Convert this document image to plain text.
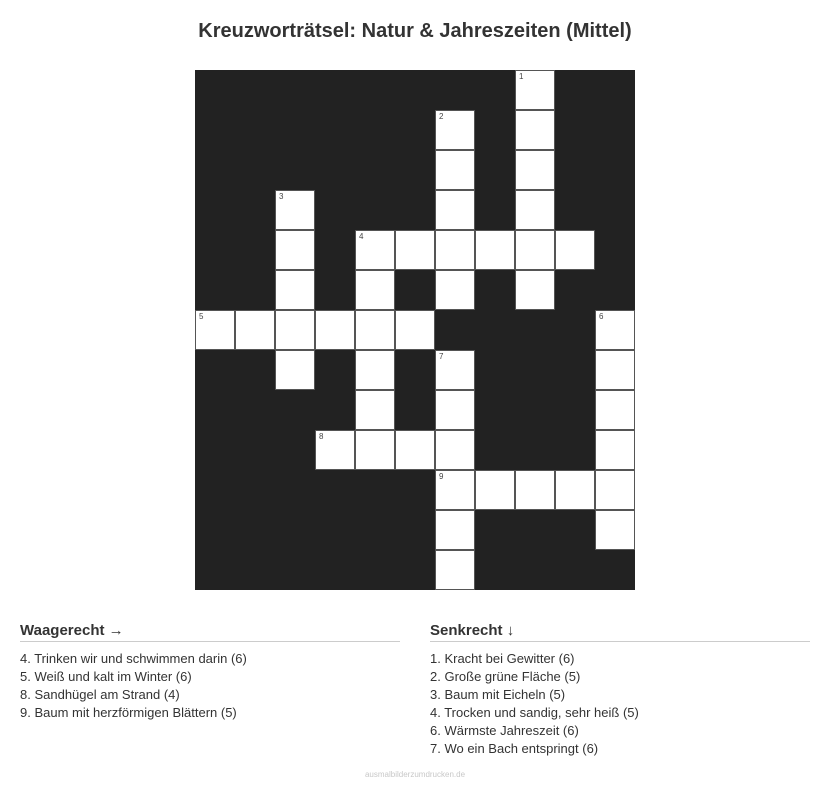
Kreuzworträtsel: Natur & Jahreszeiten (Mittel)
1
2
3
4
5	6
7
8
9
Waagerecht →
4. Trinken wir und schwimmen darin (6)
5. Weiß und kalt im Winter (6)
8. Sandhügel am Strand (4)
9. Baum mit herzförmigen Blättern (5)
Senkrecht ↓
1. Kracht bei Gewitter (6)
2. Große grüne Fläche (5)
3. Baum mit Eicheln (5)
4. Trocken und sandig, sehr heiß (5)
6. Wärmste Jahreszeit (6)
7. Wo ein Bach entspringt (6)
ausmalbilderzumdrucken.de
